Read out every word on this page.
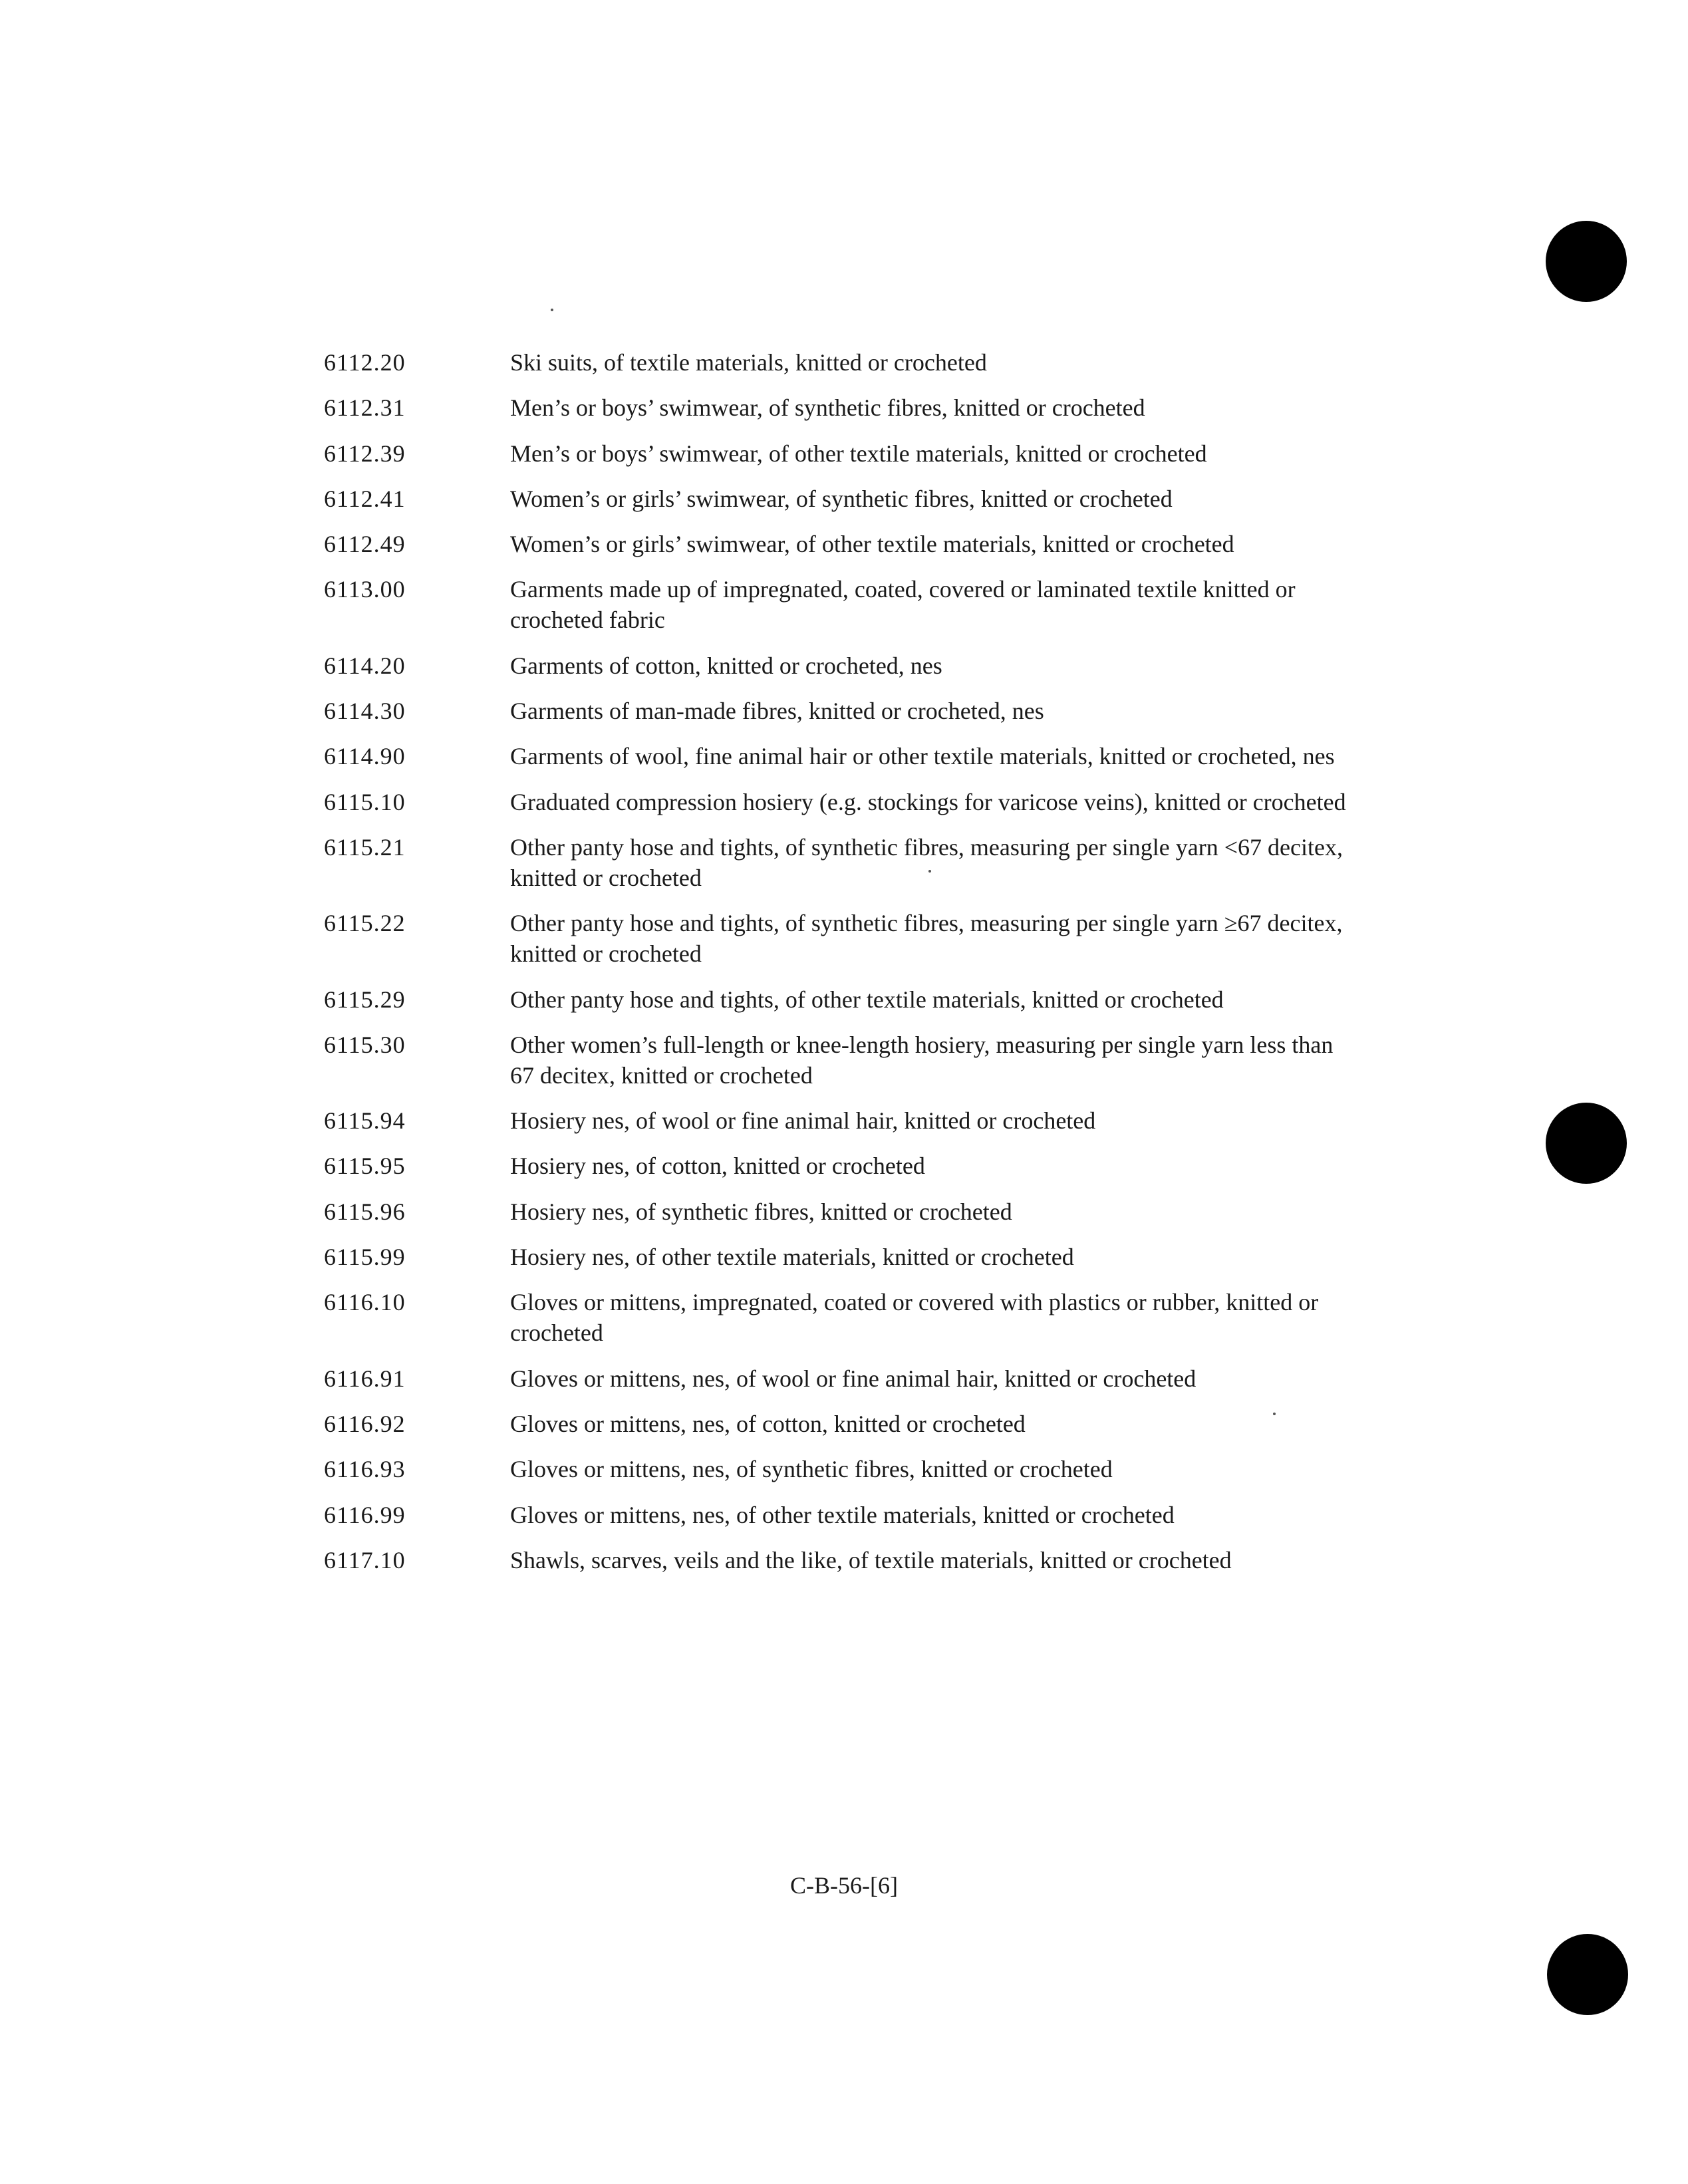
6112.20	Ski suits, of textile materials, knitted or crocheted
6112.31	Men’s or boys’ swimwear, of synthetic fibres, knitted or crocheted
6112.39	Men’s or boys’ swimwear, of other textile materials, knitted or crocheted
6112.41	Women’s or girls’ swimwear, of synthetic fibres, knitted or crocheted
6112.49	Women’s or girls’ swimwear, of other textile materials, knitted or crocheted
6113.00	Garments made up of impregnated, coated, covered or laminated textile knitted or crocheted fabric
6114.20	Garments of cotton, knitted or crocheted, nes
6114.30	Garments of man-made fibres, knitted or crocheted, nes
6114.90	Garments of wool, fine animal hair or other textile materials, knitted or crocheted, nes
6115.10	Graduated compression hosiery (e.g. stockings for varicose veins), knitted or crocheted
6115.21	Other panty hose and tights, of synthetic fibres, measuring per single yarn <67 decitex, knitted or crocheted
6115.22	Other panty hose and tights, of synthetic fibres, measuring per single yarn ≥67 decitex, knitted or crocheted
6115.29	Other panty hose and tights, of other textile materials, knitted or crocheted
6115.30	Other women’s full-length or knee-length hosiery, measuring per single yarn less than 67 decitex, knitted or crocheted
6115.94	Hosiery nes, of wool or fine animal hair, knitted or crocheted
6115.95	Hosiery nes, of cotton, knitted or crocheted
6115.96	Hosiery nes, of synthetic fibres, knitted or crocheted
6115.99	Hosiery nes, of other textile materials, knitted or crocheted
6116.10	Gloves or mittens, impregnated, coated or covered with plastics or rubber, knitted or crocheted
6116.91	Gloves or mittens, nes, of wool or fine animal hair, knitted or crocheted
6116.92	Gloves or mittens, nes, of cotton, knitted or crocheted
6116.93	Gloves or mittens, nes, of synthetic fibres, knitted or crocheted
6116.99	Gloves or mittens, nes, of other textile materials, knitted or crocheted
6117.10	Shawls, scarves, veils and the like, of textile materials, knitted or crocheted
C-B-56-[6]
